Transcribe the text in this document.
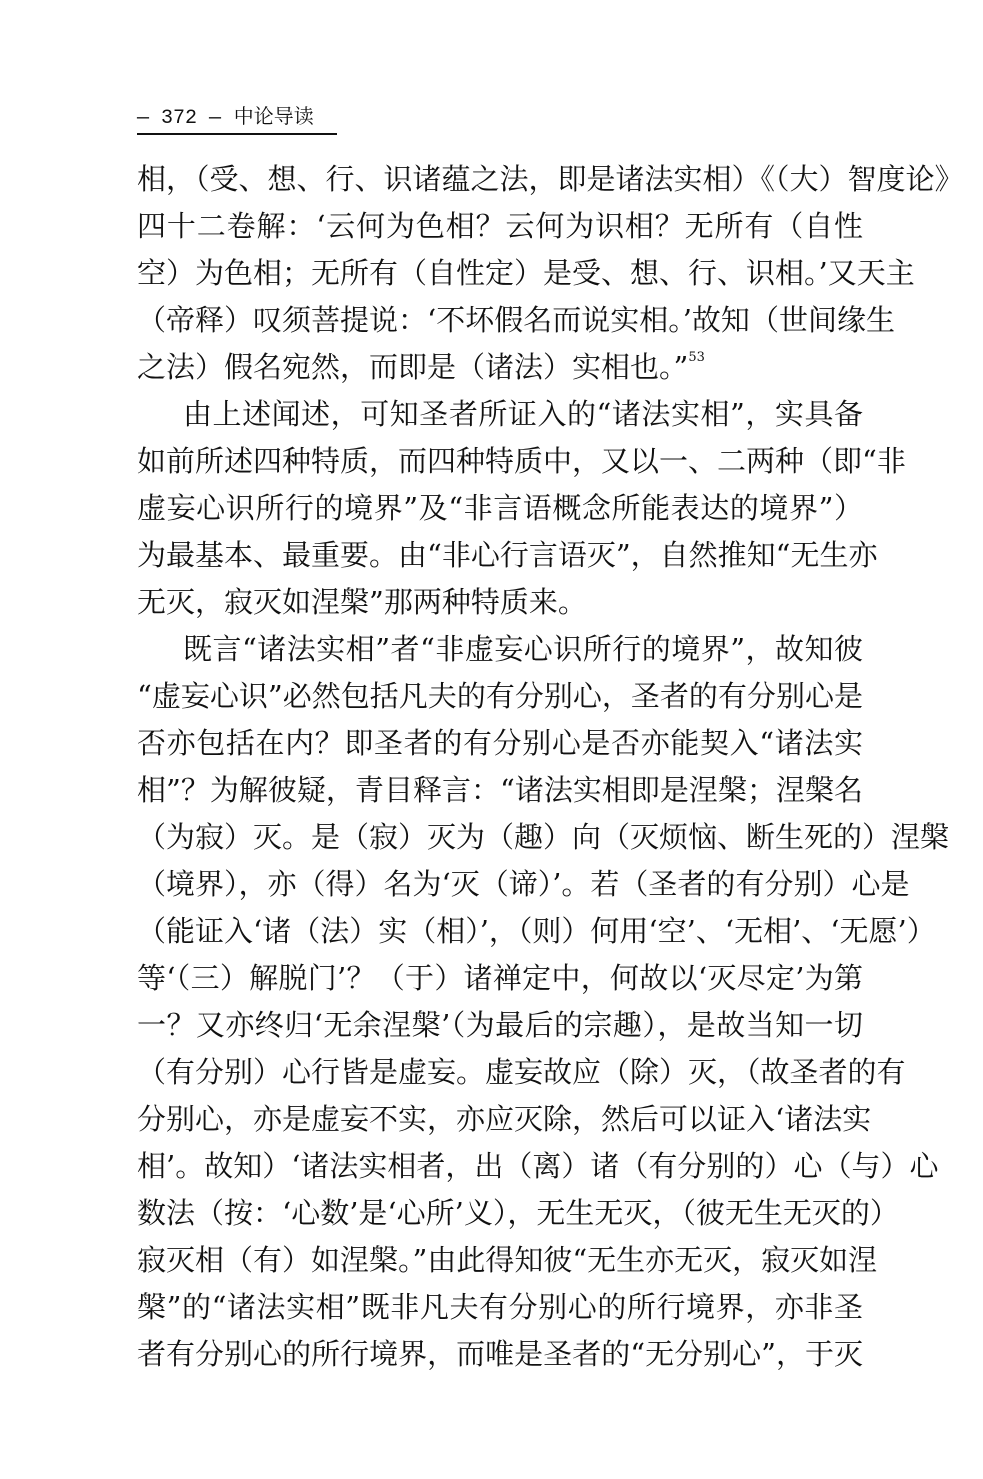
— 372 — 中论导读
相，（受、想、行、识诸蕴之法，即是诸法实相）《（大）智度论》
四十二卷解：‘云何为色相？云何为识相？无所有（自性
空）为色相；无所有（自性定）是受、想、行、识相。’又天主
（帝释）叹须菩提说：‘不坏假名而说实相。’故知（世间缘生
之法）假名宛然，而即是（诸法）实相也。”$^{53}$
由上述闻述，可知圣者所证入的“诸法实相”，实具备
如前所述四种特质，而四种特质中，又以一、二两种（即“非
虚妄心识所行的境界”及“非言语概念所能表达的境界”）
为最基本、最重要。由“非心行言语灭”，自然推知“无生亦
无灭，寂灭如涅槃”那两种特质来。
既言“诸法实相”者“非虚妄心识所行的境界”，故知彼
“虚妄心识”必然包括凡夫的有分别心，圣者的有分别心是
否亦包括在内？即圣者的有分别心是否亦能契入“诸法实
相”？为解彼疑，青目释言：“诸法实相即是涅槃；涅槃名
（为寂）灭。是（寂）灭为（趣）向（灭烦恼、断生死的）涅槃
（境界），亦（得）名为‘灭（谛）’。若（圣者的有分别）心是
（能证入‘诸（法）实（相）’，（则）何用‘空’、‘无相’、‘无愿’）
等‘（三）解脱门’？（于）诸禅定中，何故以‘灭尽定’为第
一？又亦终归‘无余涅槃’（为最后的宗趣），是故当知一切
（有分别）心行皆是虚妄。虚妄故应（除）灭，（故圣者的有
分别心，亦是虚妄不实，亦应灭除，然后可以证入‘诸法实
相’。故知）‘诸法实相者，出（离）诸（有分别的）心（与）心
数法（按：‘心数’是‘心所’义），无生无灭，（彼无生无灭的）
寂灭相（有）如涅槃。”由此得知彼“无生亦无灭，寂灭如涅
槃”的“诸法实相”既非凡夫有分别心的所行境界，亦非圣
者有分别心的所行境界，而唯是圣者的“无分别心”，于灭
